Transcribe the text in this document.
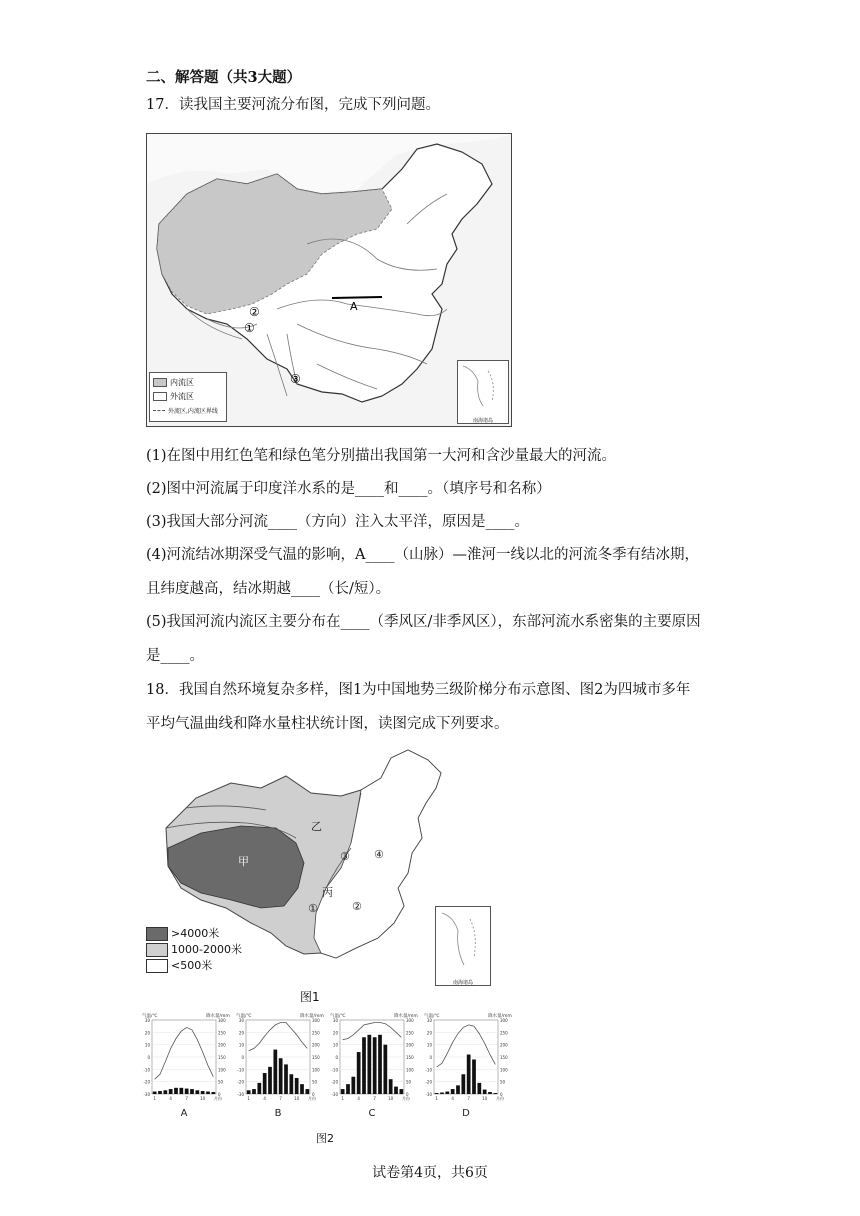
二、解答题（共3大题）
17．读我国主要河流分布图，完成下列问题。
A
②
①
③
内流区
外流区
外流区,内流区界线
南海诸岛
(1)在图中用红色笔和绿色笔分别描出我国第一大河和含沙量最大的河流。
(2)图中河流属于印度洋水系的是____和____。（填序号和名称）
(3)我国大部分河流____（方向）注入太平洋，原因是____。
(4)河流结冰期深受气温的影响，A____（山脉）—淮河一线以北的河流冬季有结冰期，
且纬度越高，结冰期越____（长/短）。
(5)我国河流内流区主要分布在____（季风区/非季风区），东部河流水系密集的主要原因
是____。
18．我国自然环境复杂多样，图1为中国地势三级阶梯分布示意图、图2为四城市多年
平均气温曲线和降水量柱状统计图，读图完成下列要求。
甲
乙
丙
③ ④
①	②
>4000米
1000-2000米
<500米
南海诸岛
图1
气温/℃	降水量/mm
30
20
10
0
-10
-20
-30
300
250
200
150
100
50
0
1	4	7	10 月份
A
气温/℃	降水量/mm
30
20
10
0
-10
-20
-30
300
250
200
150
100
50
0
1	4	7	10 月份
B
气温/℃	降水量/mm
30
20
10
0
-10
-20
-30
300
250
200
150
100
50
0
1	4	7	10 月份
C
气温/℃	降水量/mm
30
20
10
0
-10
-20
-30
300
250
200
150
100
50
0
1	4	7	10 月份
D
图2
试卷第4页，共6页
